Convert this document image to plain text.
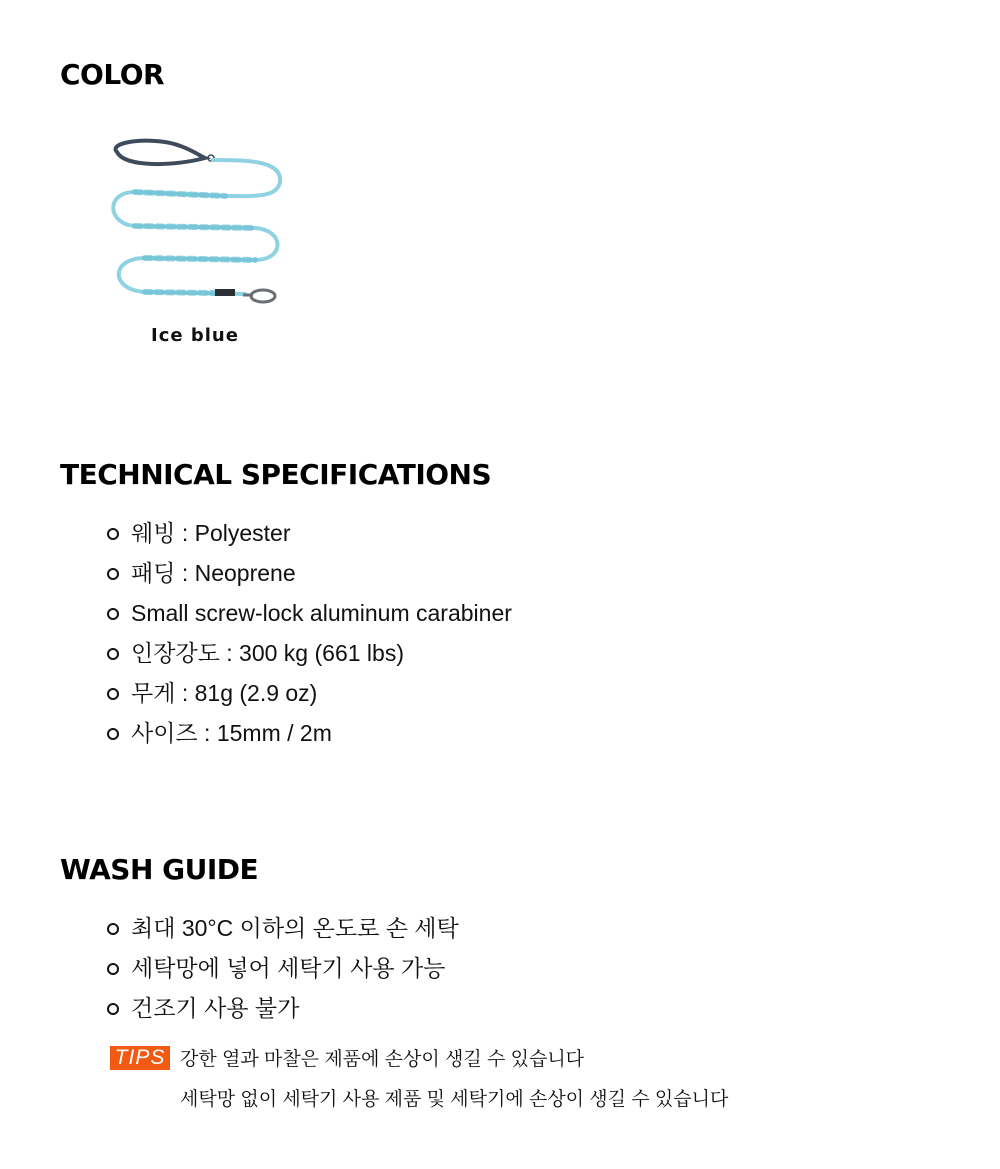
COLOR
Ice blue
TECHNICAL SPECIFICATIONS
웨빙 : Polyester
패딩 : Neoprene
Small screw-lock aluminum carabiner
인장강도 : 300 kg (661 lbs)
무게 : 81g (2.9 oz)
사이즈 : 15mm / 2m
WASH GUIDE
최대 30°C 이하의 온도로 손 세탁
세탁망에 넣어 세탁기 사용 가능
건조기 사용 불가
TIPS 강한 열과 마찰은 제품에 손상이 생길 수 있습니다
세탁망 없이 세탁기 사용 제품 및 세탁기에 손상이 생길 수 있습니다
